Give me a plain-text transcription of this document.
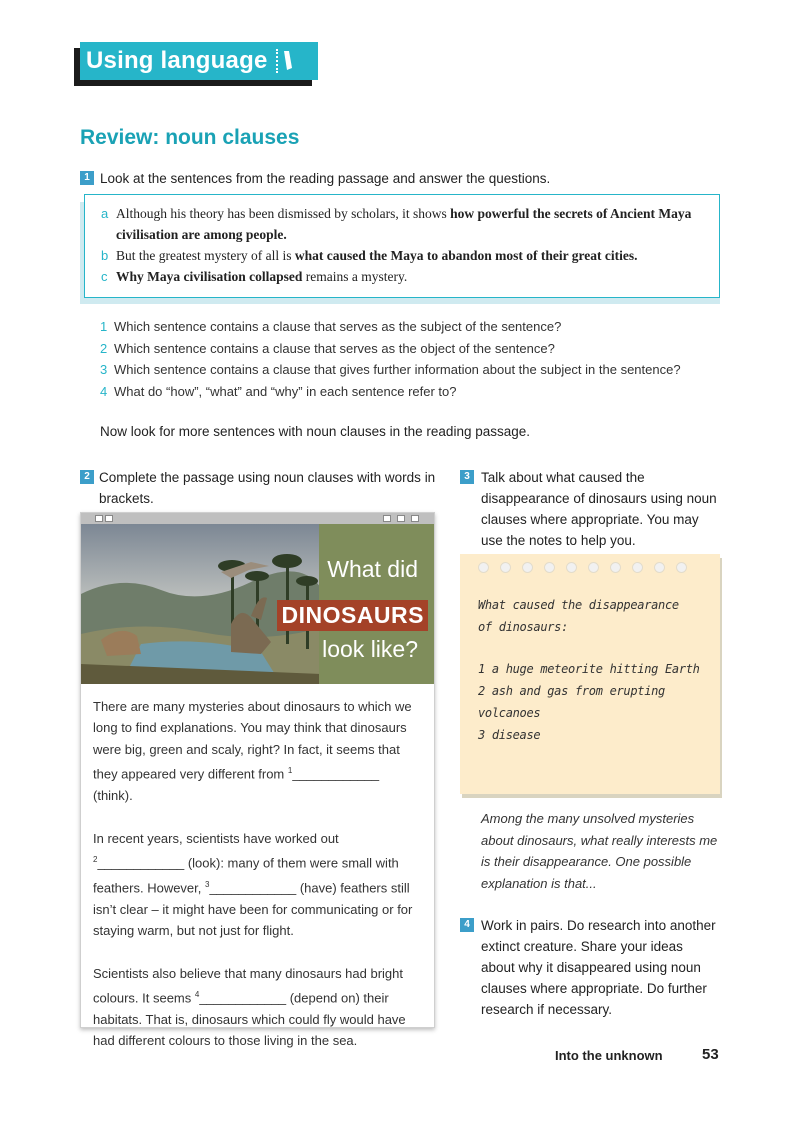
Using language
Review: noun clauses
1 Look at the sentences from the reading passage and answer the questions.
a Although his theory has been dismissed by scholars, it shows how powerful the secrets of Ancient Maya civilisation are among people.
b But the greatest mystery of all is what caused the Maya to abandon most of their great cities.
c Why Maya civilisation collapsed remains a mystery.
1 Which sentence contains a clause that serves as the subject of the sentence?
2 Which sentence contains a clause that serves as the object of the sentence?
3 Which sentence contains a clause that gives further information about the subject in the sentence?
4 What do “how”, “what” and “why” in each sentence refer to?
Now look for more sentences with noun clauses in the reading passage.
2 Complete the passage using noun clauses with words in brackets.
What did
DINOSAURS
look like?

There are many mysteries about dinosaurs to which we long to find explanations. You may think that dinosaurs were big, green and scaly, right? In fact, it seems that they appeared very different from $^1$____________ (think).

In recent years, scientists have worked out $^2$____________ (look): many of them were small with feathers. However, $^3$____________ (have) feathers still isn’t clear – it might have been for communicating or for staying warm, but not just for flight.

Scientists also believe that many dinosaurs had bright colours. It seems $^4$____________ (depend on) their habitats. That is, dinosaurs which could fly would have had different colours to those living in the sea.

3 Talk about what caused the disappearance of dinosaurs using noun clauses where appropriate. You may use the notes to help you.
What caused the disappearance
of dinosaurs:
1 a huge meteorite hitting Earth
2 ash and gas from erupting volcanoes
3 disease
Among the many unsolved mysteries about dinosaurs, what really interests me is their disappearance. One possible explanation is that...
4 Work in pairs. Do research into another extinct creature. Share your ideas about why it disappeared using noun clauses where appropriate. Do further research if necessary.
Into the unknown	53
